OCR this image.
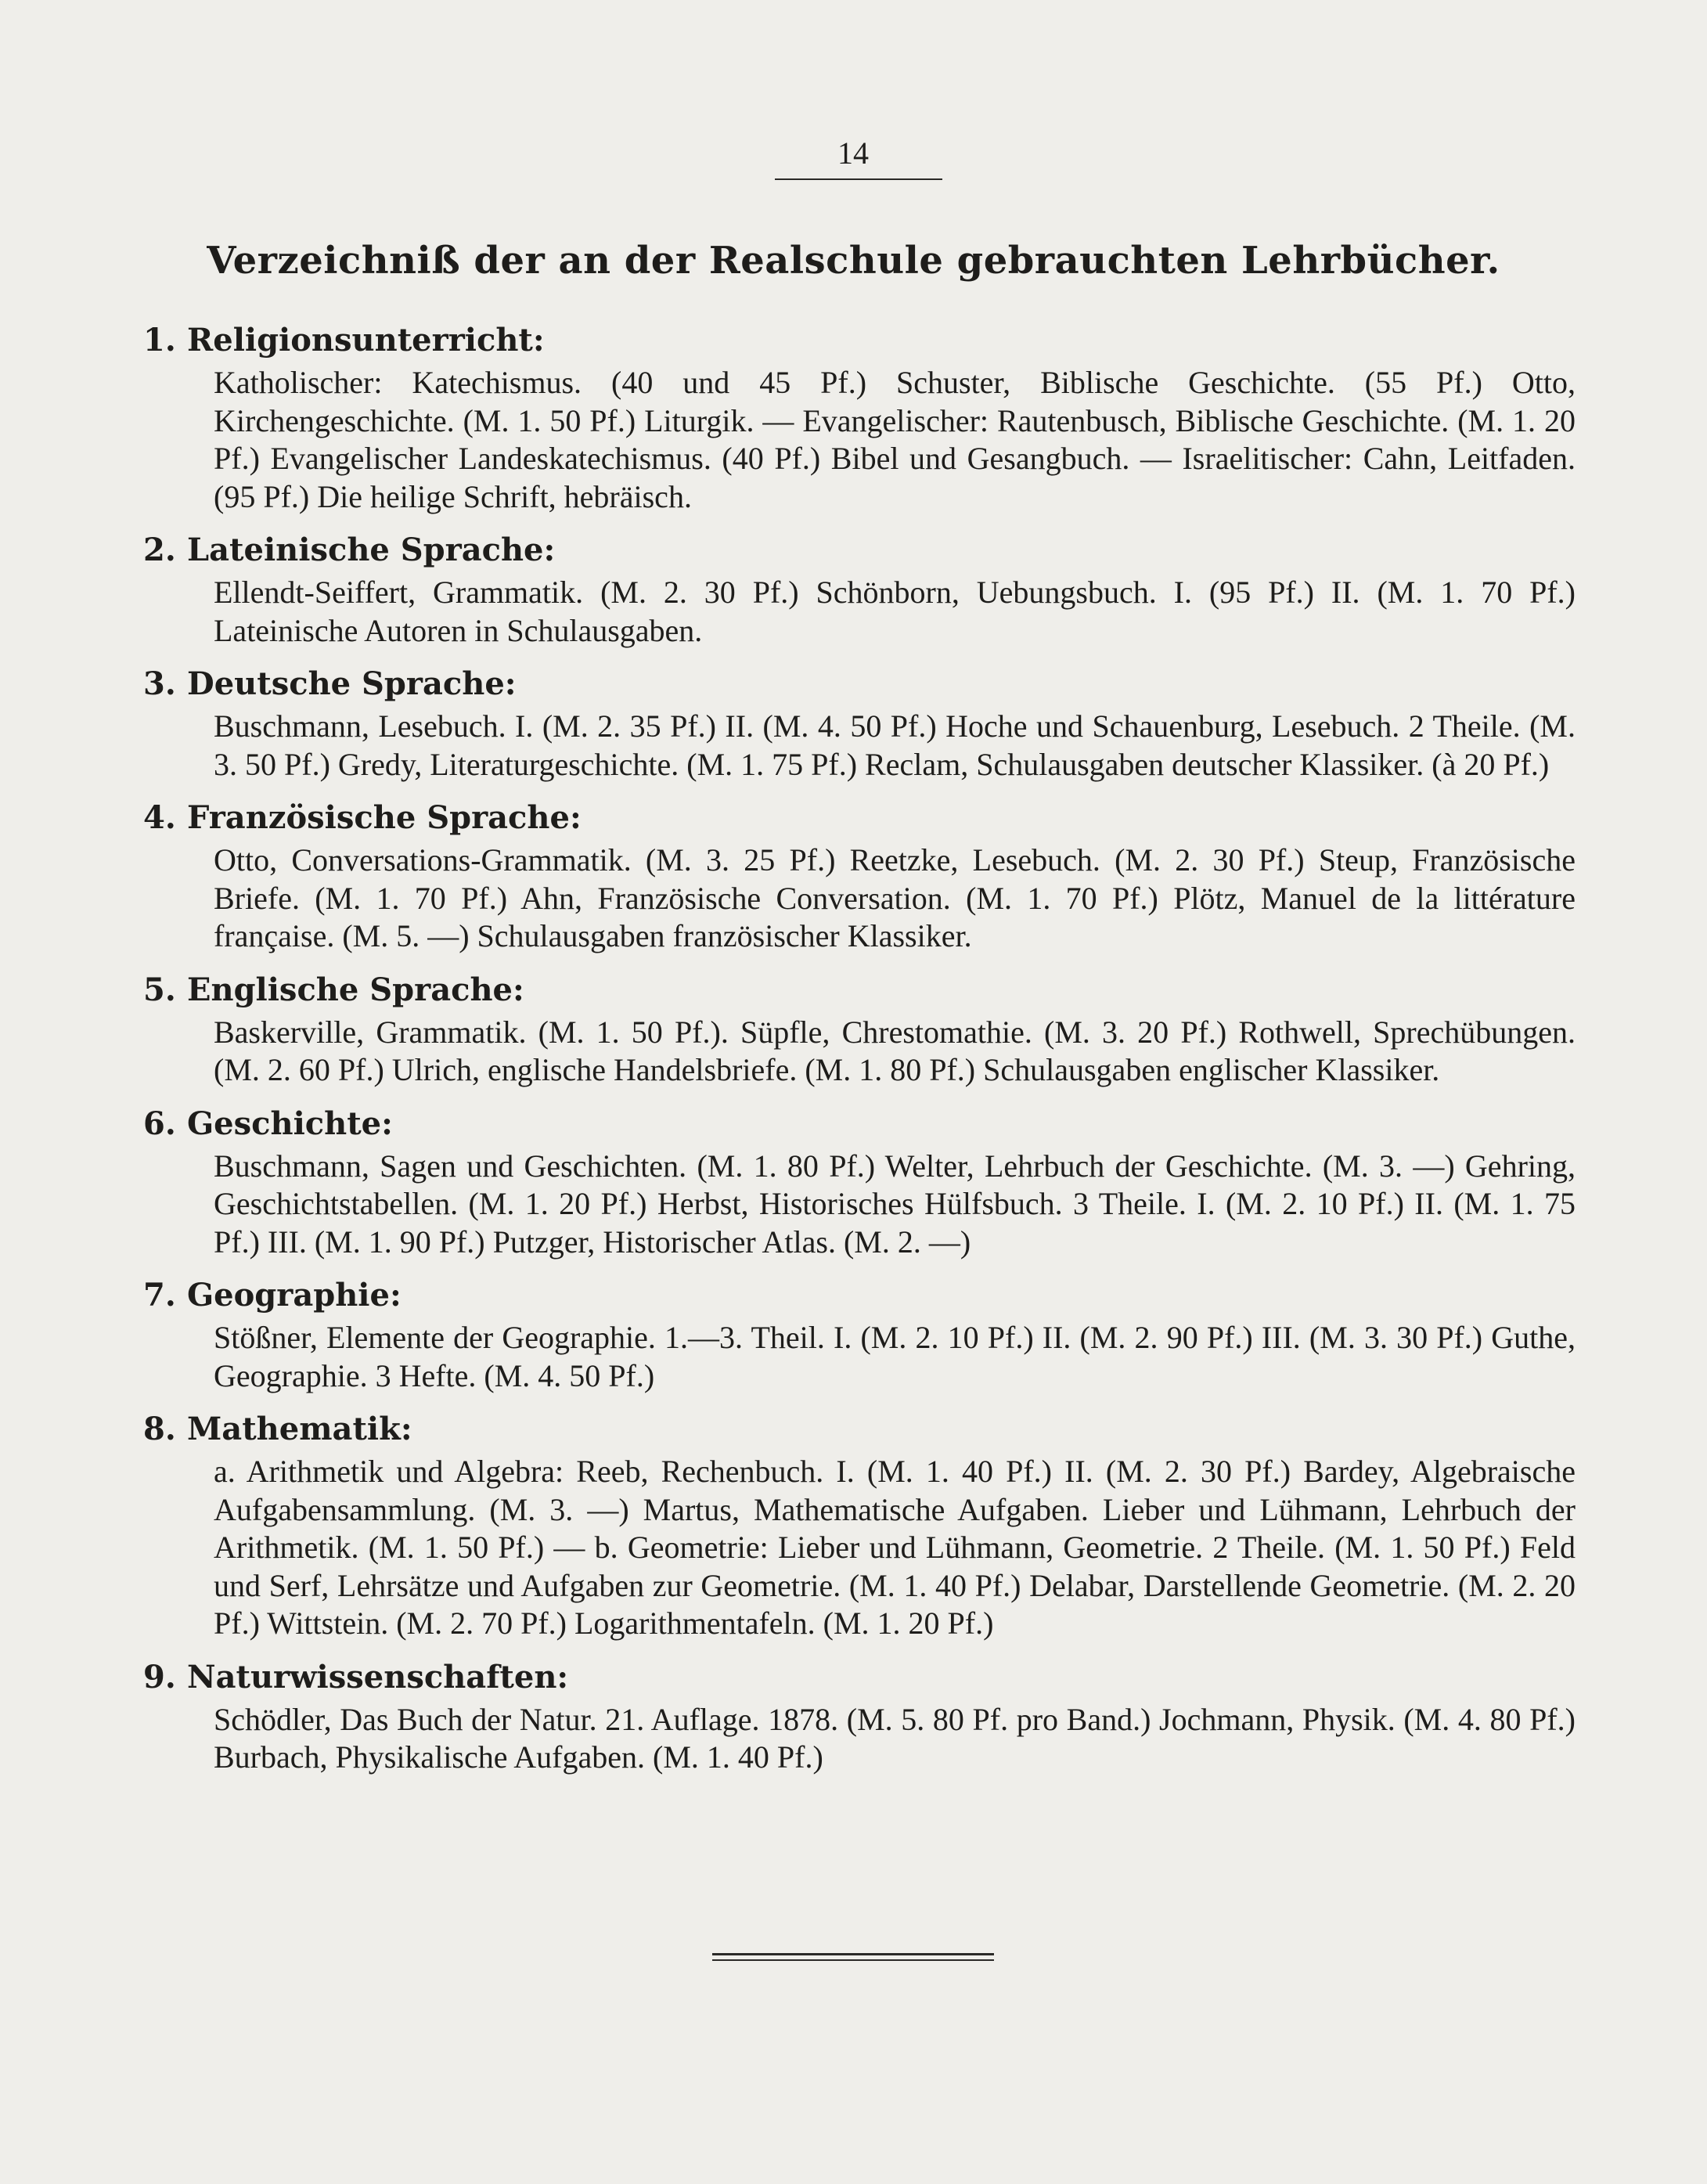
14
Verzeichniß der an der Realschule gebrauchten Lehrbücher.
1. Religionsunterricht:

Katholischer: Katechismus. (40 und 45 Pf.) Schuster, Biblische Geschichte. (55 Pf.) Otto, Kirchengeschichte. (M. 1. 50 Pf.) Liturgik. — Evangelischer: Rautenbusch, Biblische Geschichte. (M. 1. 20 Pf.) Evangelischer Landeskatechismus. (40 Pf.) Bibel und Gesangbuch. — Israelitischer: Cahn, Leitfaden. (95 Pf.) Die heilige Schrift, hebräisch.

2. Lateinische Sprache:

Ellendt-Seiffert, Grammatik. (M. 2. 30 Pf.) Schönborn, Uebungsbuch. I. (95 Pf.) II. (M. 1. 70 Pf.) Lateinische Autoren in Schulausgaben.

3. Deutsche Sprache:

Buschmann, Lesebuch. I. (M. 2. 35 Pf.) II. (M. 4. 50 Pf.) Hoche und Schauenburg, Lesebuch. 2 Theile. (M. 3. 50 Pf.) Gredy, Literaturgeschichte. (M. 1. 75 Pf.) Reclam, Schulausgaben deutscher Klassiker. (à 20 Pf.)

4. Französische Sprache:

Otto, Conversations-Grammatik. (M. 3. 25 Pf.) Reetzke, Lesebuch. (M. 2. 30 Pf.) Steup, Französische Briefe. (M. 1. 70 Pf.) Ahn, Französische Conversation. (M. 1. 70 Pf.) Plötz, Manuel de la littérature française. (M. 5. —) Schulausgaben französischer Klassiker.

5. Englische Sprache:

Baskerville, Grammatik. (M. 1. 50 Pf.). Süpfle, Chrestomathie. (M. 3. 20 Pf.) Rothwell, Sprechübungen. (M. 2. 60 Pf.) Ulrich, englische Handelsbriefe. (M. 1. 80 Pf.) Schulausgaben englischer Klassiker.

6. Geschichte:

Buschmann, Sagen und Geschichten. (M. 1. 80 Pf.) Welter, Lehrbuch der Geschichte. (M. 3. —) Gehring, Geschichtstabellen. (M. 1. 20 Pf.) Herbst, Historisches Hülfsbuch. 3 Theile. I. (M. 2. 10 Pf.) II. (M. 1. 75 Pf.) III. (M. 1. 90 Pf.) Putzger, Historischer Atlas. (M. 2. —)

7. Geographie:

Stößner, Elemente der Geographie. 1.—3. Theil. I. (M. 2. 10 Pf.) II. (M. 2. 90 Pf.) III. (M. 3. 30 Pf.) Guthe, Geographie. 3 Hefte. (M. 4. 50 Pf.)

8. Mathematik:

a. Arithmetik und Algebra: Reeb, Rechenbuch. I. (M. 1. 40 Pf.) II. (M. 2. 30 Pf.) Bardey, Algebraische Aufgabensammlung. (M. 3. —) Martus, Mathematische Aufgaben. Lieber und Lühmann, Lehrbuch der Arithmetik. (M. 1. 50 Pf.) — b. Geometrie: Lieber und Lühmann, Geometrie. 2 Theile. (M. 1. 50 Pf.) Feld und Serf, Lehrsätze und Aufgaben zur Geometrie. (M. 1. 40 Pf.) Delabar, Darstellende Geometrie. (M. 2. 20 Pf.) Wittstein. (M. 2. 70 Pf.) Logarithmentafeln. (M. 1. 20 Pf.)

9. Naturwissenschaften:

Schödler, Das Buch der Natur. 21. Auflage. 1878. (M. 5. 80 Pf. pro Band.) Jochmann, Physik. (M. 4. 80 Pf.) Burbach, Physikalische Aufgaben. (M. 1. 40 Pf.)
